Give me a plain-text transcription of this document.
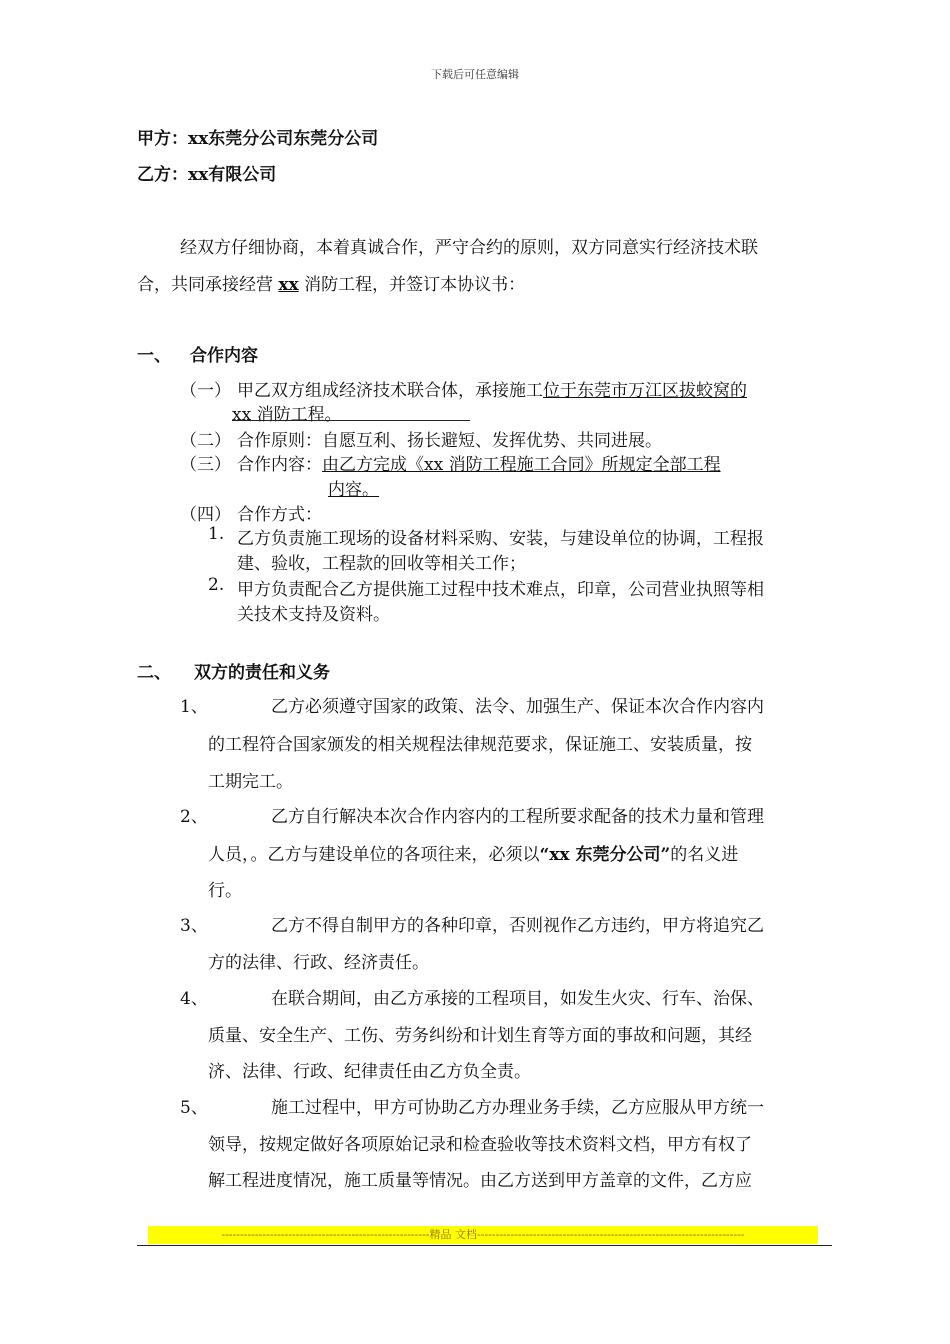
下载后可任意编辑
甲方：xx东莞分公司东莞分公司
乙方：xx有限公司
经双方仔细协商，本着真诚合作，严守合约的原则，双方同意实行经济技术联
合，共同承接经营 xx 消防工程，并签订本协议书：
一、 合作内容
（一） 甲乙双方组成经济技术联合体，承接施工位于东莞市万江区拔蛟窝的
xx 消防工程。
（二） 合作原则：自愿互利、扬长避短、发挥优势、共同进展。
（三） 合作内容：由乙方完成《xx 消防工程施工合同》所规定全部工程
内容。
（四） 合作方式：
1. 乙方负责施工现场的设备材料采购、安装，与建设单位的协调，工程报
建、验收，工程款的回收等相关工作；
2. 甲方负责配合乙方提供施工过程中技术难点，印章，公司营业执照等相
关技术支持及资料。
二、 双方的责任和义务
1、	乙方必须遵守国家的政策、法令、加强生产、保证本次合作内容内
的工程符合国家颁发的相关规程法律规范要求，保证施工、安装质量，按
工期完工。
2、	乙方自行解决本次合作内容内的工程所要求配备的技术力量和管理
人员，。乙方与建设单位的各项往来，必须以“xx 东莞分公司”的名义进
行。
3、	乙方不得自制甲方的各种印章，否则视作乙方违约，甲方将追究乙
方的法律、行政、经济责任。
4、	在联合期间，由乙方承接的工程项目，如发生火灾、行车、治保、
质量、安全生产、工伤、劳务纠纷和计划生育等方面的事故和问题，其经
济、法律、行政、纪律责任由乙方负全责。
5、	施工过程中，甲方可协助乙方办理业务手续，乙方应服从甲方统一
领导，按规定做好各项原始记录和检查验收等技术资料文档，甲方有权了
解工程进度情况，施工质量等情况。由乙方送到甲方盖章的文件，乙方应
--------------------------------------------------------精品 文档------------------------------------------------------------------------
